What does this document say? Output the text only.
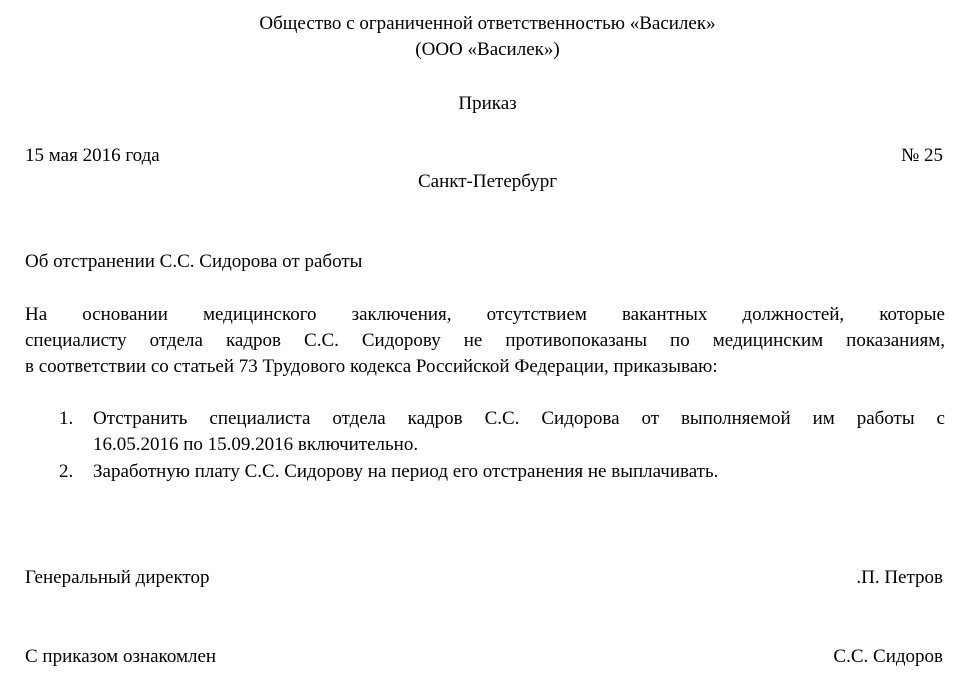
Общество с ограниченной ответственностью «Василек»
(ООО «Василек»)
Приказ
15 мая 2016 года	№ 25
Санкт-Петербург
Об отстранении С.С. Сидорова от работы
На основании медицинского заключения, отсутствием вакантных должностей, которые
специалисту отдела кадров С.С. Сидорову не противопоказаны по медицинским показаниям,
в соответствии со статьей 73 Трудового кодекса Российской Федерации, приказываю:
1. Отстранить специалиста отдела кадров С.С. Сидорова от выполняемой им работы с
16.05.2016 по 15.09.2016 включительно.
2. Заработную плату С.С. Сидорову на период его отстранения не выплачивать.
Генеральный директор	.П. Петров
С приказом ознакомлен	С.С. Сидоров
